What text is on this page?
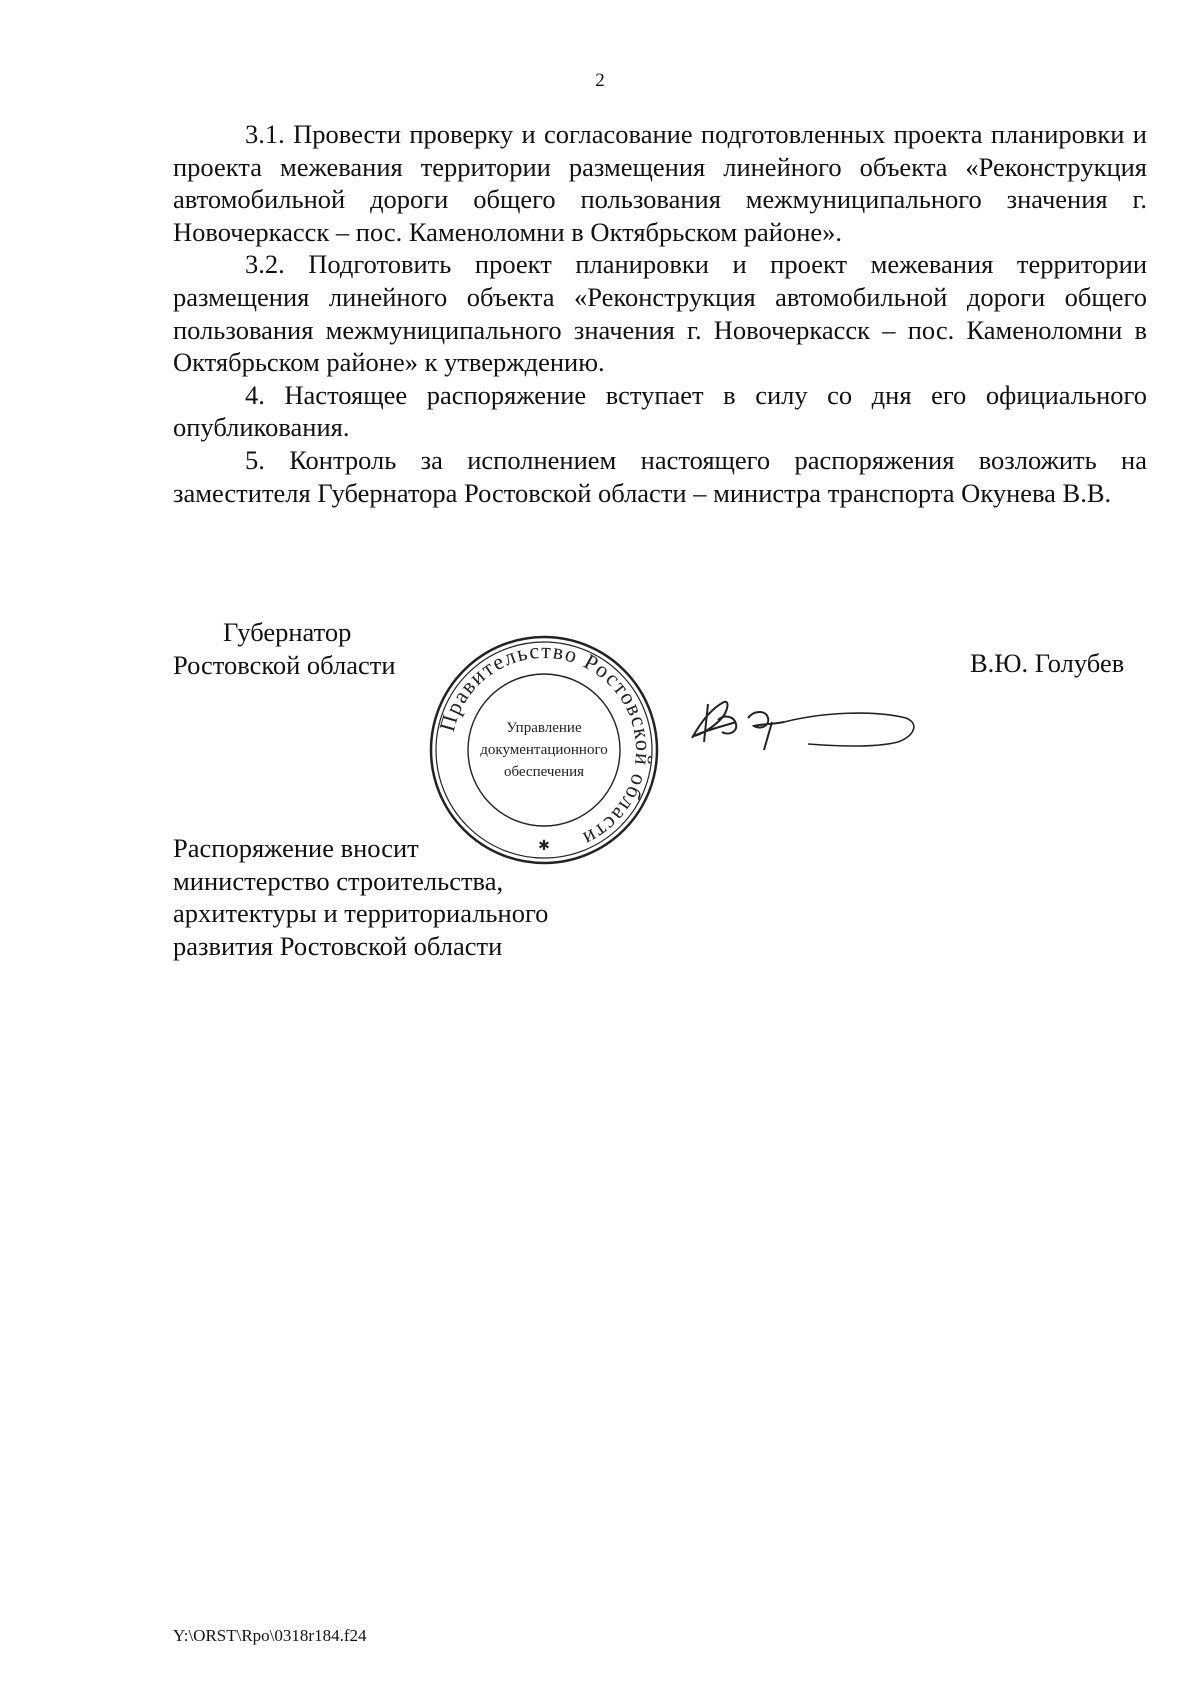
2

3.1. Провести проверку и согласование подготовленных проекта планировки и проекта межевания территории размещения линейного объекта «Реконструкция автомобильной дороги общего пользования межмуниципального значения г. Новочеркасск – пос. Каменоломни в Октябрьском районе».

3.2. Подготовить проект планировки и проект межевания территории размещения линейного объекта «Реконструкция автомобильной дороги общего пользования межмуниципального значения г. Новочеркасск – пос. Каменоломни в Октябрьском районе» к утверждению.

4. Настоящее распоряжение вступает в силу со дня его официального опубликования.

5. Контроль за исполнением настоящего распоряжения возложить на заместителя Губернатора Ростовской области – министра транспорта Окунева В.В.

Губернатор
Ростовской области
Правительство Ростовской области
Управление
документационного
обеспечения
✱
В.Ю. Голубев
Распоряжение вносит
министерство строительства,
архитектуры и территориального
развития Ростовской области
Y:\ORST\Rpo\0318r184.f24
